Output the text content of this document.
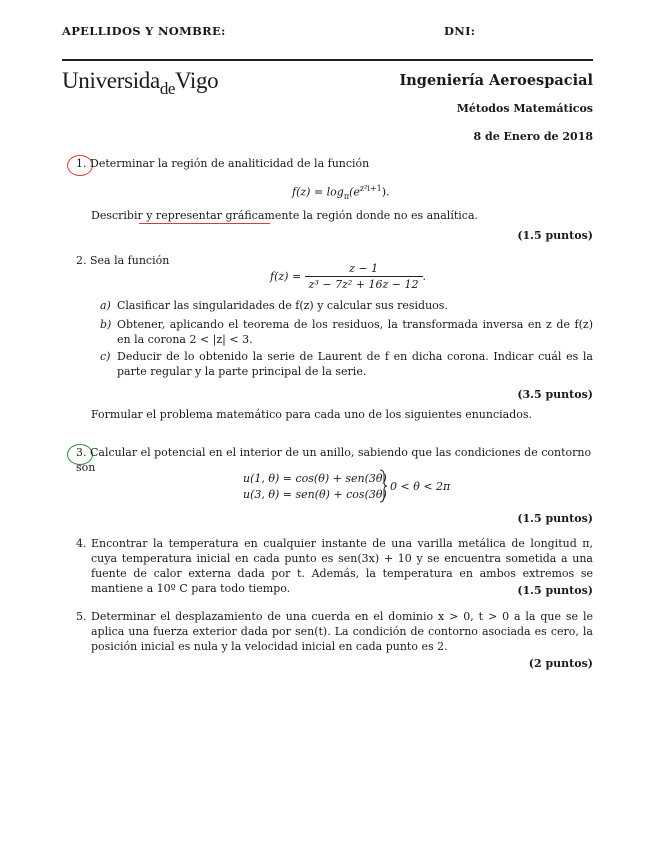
APELLIDOS Y NOMBRE:	DNI:
Universida$_{de}$Vigo	Ingeniería Aeroespacial
Métodos Matemáticos
8 de Enero de 2018
1. Determinar la región de analiticidad de la función
$f(z) = \log_\pi(e^{z^2i+1})$.
Describir y representar gráficamente la región donde no es analítica.
(1.5 puntos)
2. Sea la función
$f(z) = \frac{z - 1}{\text{z³ − 7z² + 16z − 12}}$ .
a) Clasificar las singularidades de f(z) y calcular sus residuos.
b) Obtener, aplicando el teorema de los residuos, la transformada inversa en z de f(z) en la corona 2 < |z| < 3.
c) Deducir de lo obtenido la serie de Laurent de f en dicha corona. Indicar cuál es la parte regular y la parte principal de la serie.
(3.5 puntos)
Formular el problema matemático para cada uno de los siguientes enunciados.
3. Calcular el potencial en el interior de un anillo, sabiendo que las condiciones de contorno son
u(1, θ) = cos(θ) + sen(3θ)
u(3, θ) = sen(θ) + cos(3θ)
0 < θ < 2π
(1.5 puntos)
4. Encontrar la temperatura en cualquier instante de una varilla metálica de longitud π, cuya temperatura inicial en cada punto es sen(3x) + 10 y se encuentra sometida a una fuente de calor externa dada por t. Además, la temperatura en ambos extremos se mantiene a 10º C para todo tiempo.	(1.5 puntos)
5. Determinar el desplazamiento de una cuerda en el dominio x > 0, t > 0 a la que se le aplica una fuerza exterior dada por sen(t). La condición de contorno asociada es cero, la posición inicial es nula y la velocidad inicial en cada punto es 2.
(2 puntos)
